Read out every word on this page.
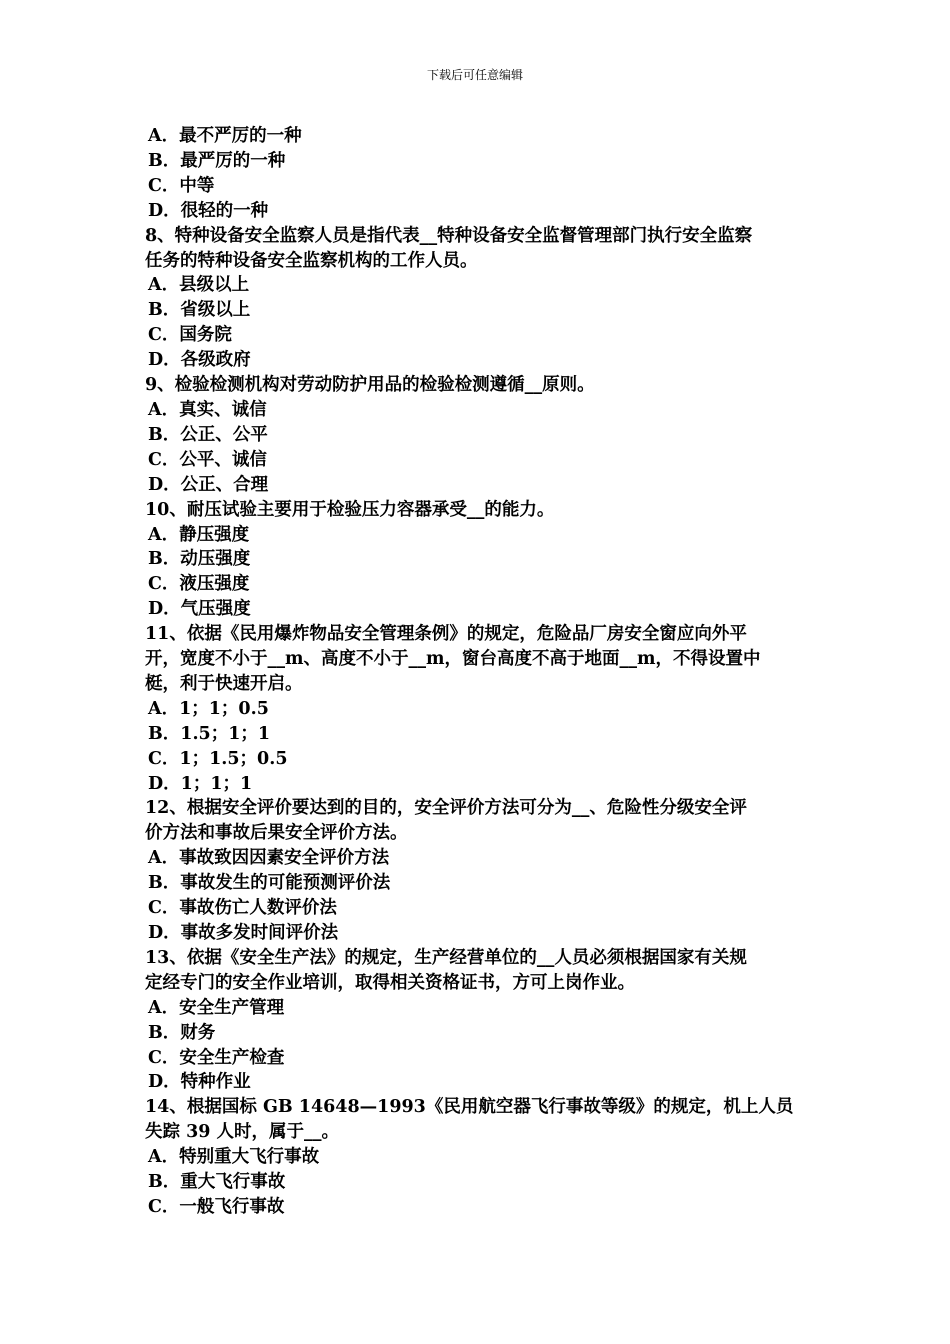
下载后可任意编辑

A．最不严厉的一种

B．最严厉的一种

C．中等

D．很轻的一种

8、特种设备安全监察人员是指代表__特种设备安全监督管理部门执行安全监察

任务的特种设备安全监察机构的工作人员。

A．县级以上

B．省级以上

C．国务院

D．各级政府

9、检验检测机构对劳动防护用品的检验检测遵循__原则。

A．真实、诚信

B．公正、公平

C．公平、诚信

D．公正、合理

10、耐压试验主要用于检验压力容器承受__的能力。

A．静压强度

B．动压强度

C．液压强度

D．气压强度

11、依据《民用爆炸物品安全管理条例》的规定，危险品厂房安全窗应向外平

开，宽度不小于__m、高度不小于__m，窗台高度不高于地面__m，不得设置中

梃，利于快速开启。

A．1；1；0.5

B．1.5；1；1

C．1；1.5；0.5

D．1；1；1

12、根据安全评价要达到的目的，安全评价方法可分为__、危险性分级安全评

价方法和事故后果安全评价方法。

A．事故致因因素安全评价方法

B．事故发生的可能预测评价法

C．事故伤亡人数评价法

D．事故多发时间评价法

13、依据《安全生产法》的规定，生产经营单位的__人员必须根据国家有关规

定经专门的安全作业培训，取得相关资格证书，方可上岗作业。

A．安全生产管理

B．财务

C．安全生产检查

D．特种作业

14、根据国标 GB 14648—1993《民用航空器飞行事故等级》的规定，机上人员

失踪 39 人时，属于__。

A．特别重大飞行事故

B．重大飞行事故

C．一般飞行事故
